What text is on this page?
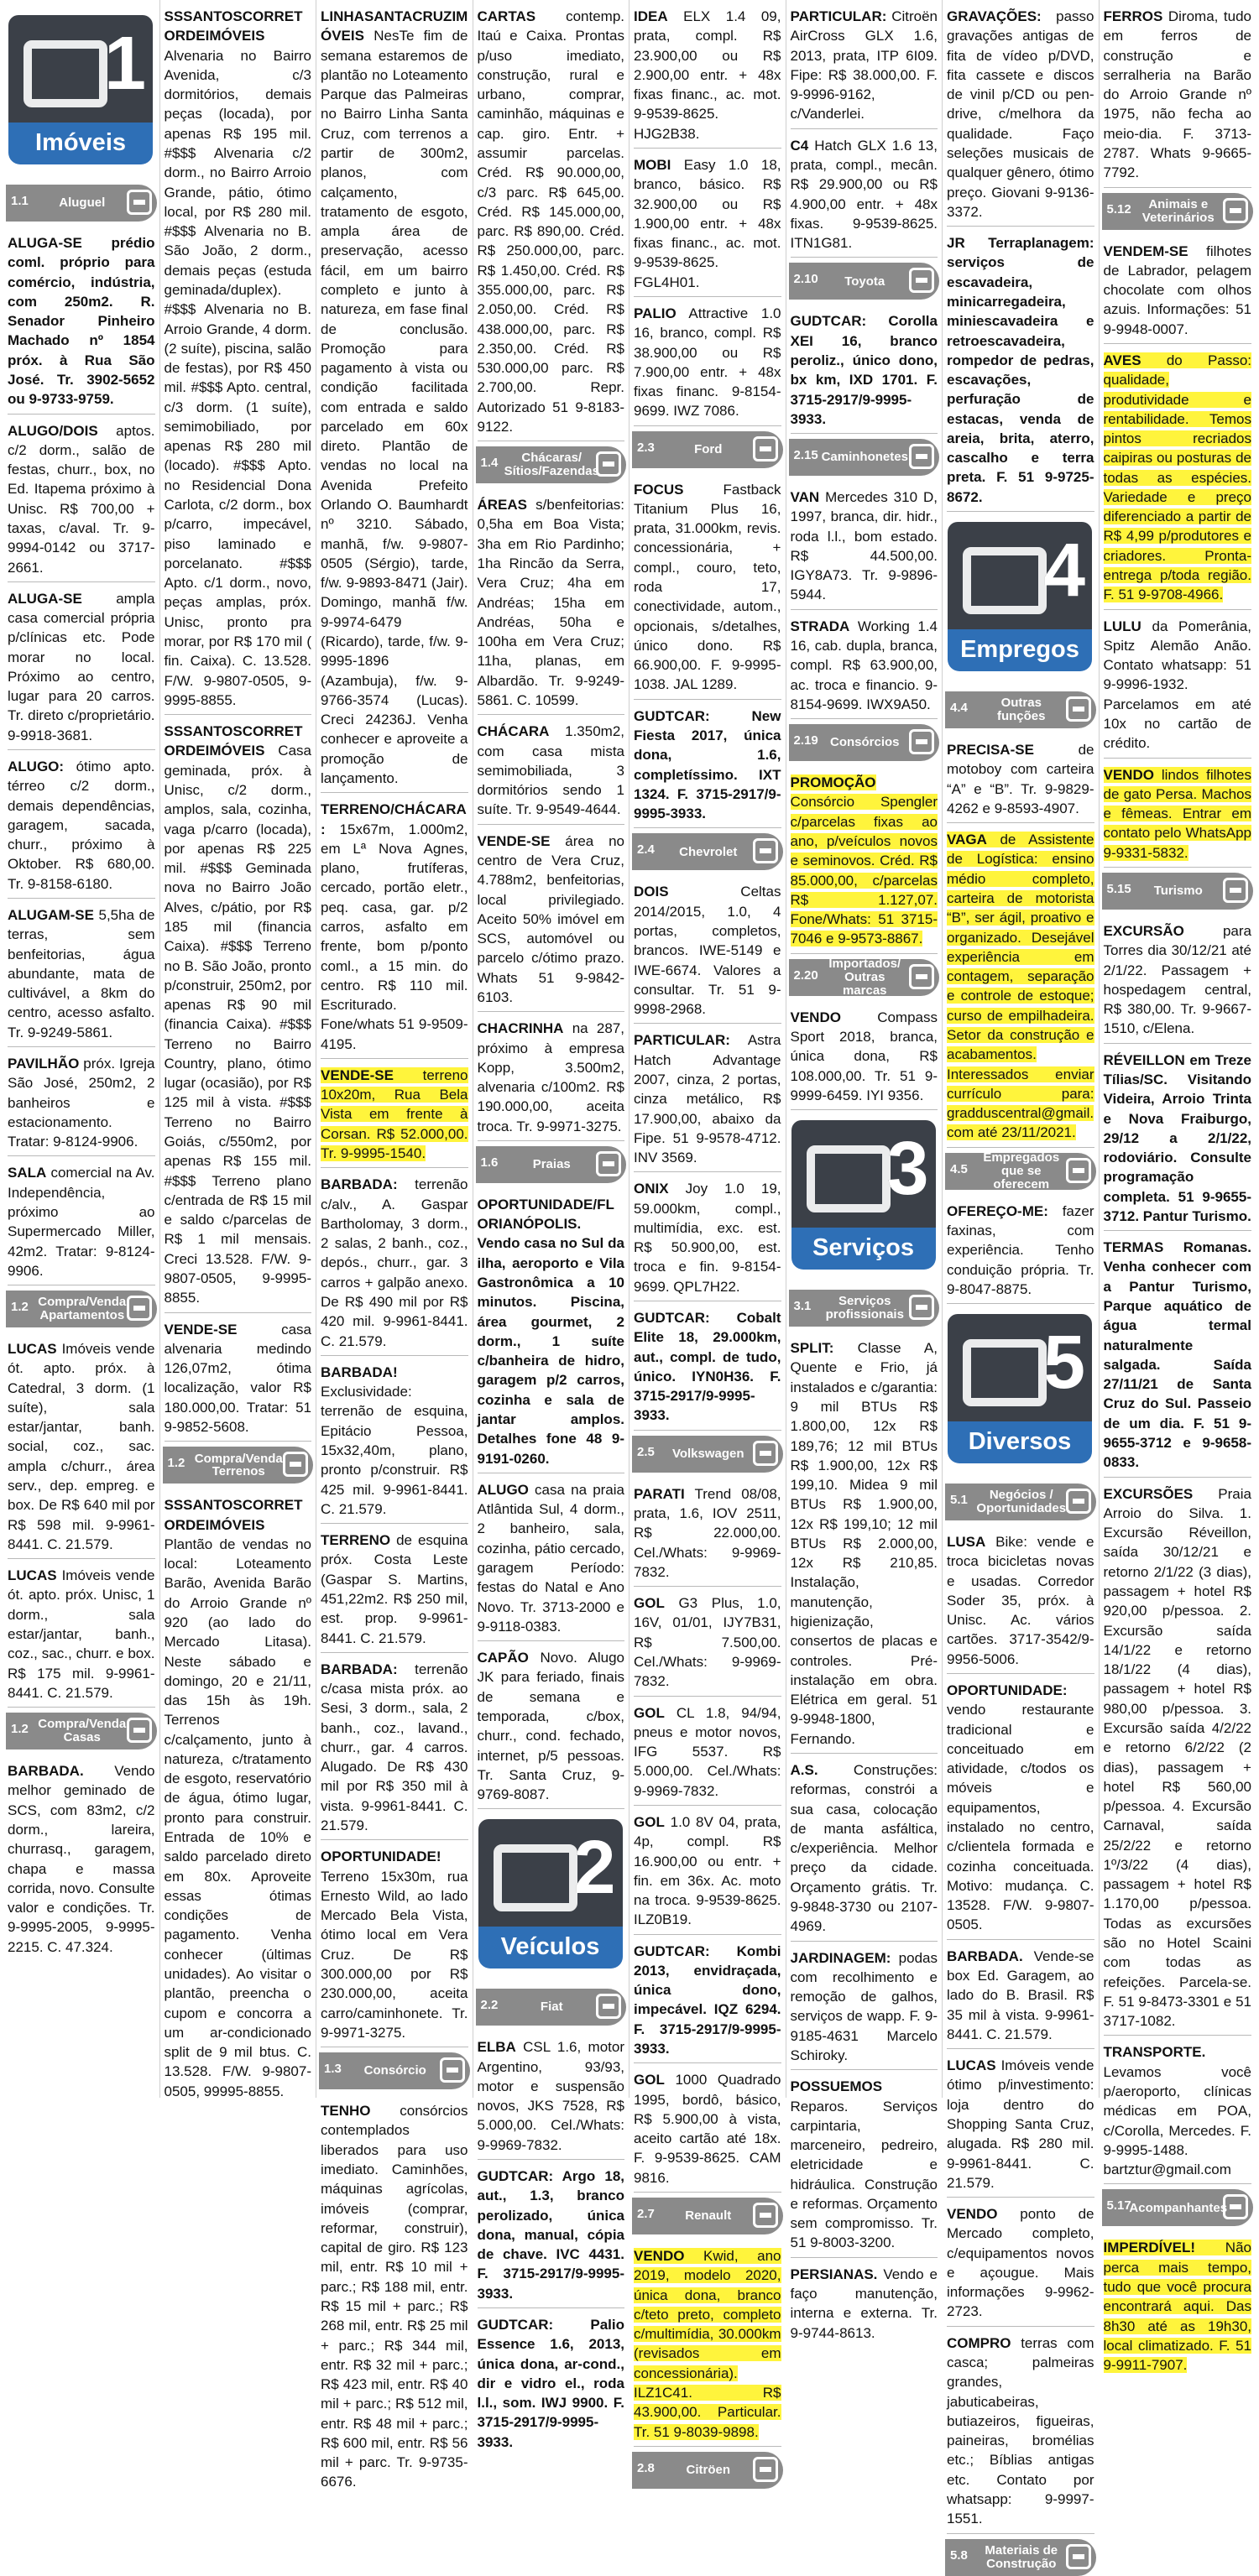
1
Imóveis
1.1	Aluguel
ALUGA-SE prédio coml. próprio para comércio, indústria, com 250m2. R. Senador Pinheiro Machado nº 1854 próx. à Rua São José. Tr. 3902-5652 ou 9-9733-9759.
ALUGO/DOIS aptos. c/2 dorm., salão de festas, churr., box, no Ed. Itapema próximo à Unisc. R$ 700,00 + taxas, c/aval. Tr. 9-9994-0142 ou 3717-2661.
ALUGA-SE ampla casa comercial própria p/clínicas etc. Pode morar no local. Próximo ao centro, lugar para 20 carros. Tr. direto c/proprietário. 9-9918-3681.
ALUGO: ótimo apto. térreo c/2 dorm., demais dependências, garagem, sacada, churr., próximo à Oktober. R$ 680,00. Tr. 9-8158-6180.
ALUGAM-SE 5,5ha de terras, sem benfeitorias, água abundante, mata de cultivável, a 8km do centro, acesso asfalto. Tr. 9-9249-5861.
PAVILHÃO próx. Igreja São José, 250m2, 2 banheiros e estacionamento. Tratar: 9-8124-9906.
SALA comercial na Av. Independência, próximo ao Supermercado Miller, 42m2. Tratar: 9-8124-9906.
1.2 Compra/Venda Apartamentos
LUCAS Imóveis vende ót. apto. próx. à Catedral, 3 dorm. (1 suíte), sala estar/jantar, banh. social, coz., sac. ampla c/churr., área serv., dep. empreg. e box. De R$ 640 mil por R$ 598 mil. 9-9961-8441. C. 21.579.
LUCAS Imóveis vende ót. apto. próx. Unisc, 1 dorm., sala estar/jantar, banh., coz., sac., churr. e box. R$ 175 mil. 9-9961-8441. C. 21.579.
1.2 Compra/Venda Casas
BARBADA. Vendo melhor geminado de SCS, com 83m2, c/2 dorm., lareira, churrasq., garagem, chapa e massa corrida, novo. Consulte valor e condições. Tr. 9-9995-2005, 9-9995-2215. C. 47.324.
SSSANTOSCORRETORDEIMÓVEIS Alvenaria no Bairro Avenida, c/3 dormitórios, demais peças (locada), por apenas R$ 195 mil. #$$$ Alvenaria c/2 dorm., no Bairro Arroio Grande, pátio, ótimo local, por R$ 280 mil. #$$$ Alvenaria no B. São João, 2 dorm., demais peças (estuda geminada/duplex). #$$$ Alvenaria no B. Arroio Grande, 4 dorm. (2 suíte), piscina, salão de festas), por R$ 450 mil. #$$$ Apto. central, c/3 dorm. (1 suíte), semimobiliado, por apenas R$ 280 mil (locado). #$$$ Apto. no Residencial Dona Carlota, c/2 dorm., box p/carro, impecável, piso laminado e porcelanato. #$$$ Apto. c/1 dorm., novo, peças amplas, próx. Unisc, pronto pra morar, por R$ 170 mil ( fin. Caixa). C. 13.528. F/W. 9-9807-0505, 9-9995-8855.
SSSANTOSCORRETORDEIMÓVEIS Casa geminada, próx. à Unisc, c/2 dorm., amplos, sala, cozinha, vaga p/carro (locada), por apenas R$ 225 mil. #$$$ Geminada nova no Bairro João Alves, c/pátio, por R$ 185 mil (financia Caixa). #$$$ Terreno no B. São João, pronto p/construir, 250m2, por apenas R$ 90 mil (financia Caixa). #$$$ Terreno no Bairro Country, plano, ótimo lugar (ocasião), por R$ 125 mil à vista. #$$$ Terreno no Bairro Goiás, c/550m2, por apenas R$ 155 mil. #$$$ Terreno plano c/entrada de R$ 15 mil e saldo c/parcelas de R$ 1 mil mensais. Creci 13.528. F/W. 9-9807-0505, 9-9995-8855.
VENDE-SE casa alvenaria medindo 126,07m2, ótima localização, valor R$ 180.000,00. Tratar: 51 9-9852-5608.
1.2 Compra/Venda Terrenos
SSSANTOSCORRETORDEIMÓVEIS Plantão de vendas no local: Loteamento Barão, Avenida Barão do Arroio Grande nº 920 (ao lado do Mercado Litasa). Neste sábado e domingo, 20 e 21/11, das 15h às 19h. Terrenos c/calçamento, junto à natureza, c/tratamento de esgoto, reservatório de água, ótimo lugar, pronto para construir. Entrada de 10% e saldo parcelado direto em 80x. Aproveite essas ótimas condições de pagamento. Venha conhecer (últimas unidades). Ao visitar o plantão, preencha o cupom e concorra a um ar-condicionado split de 9 mil btus. C. 13.528. F/W. 9-9807-0505, 99995-8855.
LINHASANTACRUZIMÓVEIS NesTe fim de semana estaremos de plantão no Loteamento Parque das Palmeiras no Bairro Linha Santa Cruz, com terrenos a partir de 300m2, planos, com calçamento, tratamento de esgoto, ampla área de preservação, acesso fácil, em um bairro completo e junto à natureza, em fase final de conclusão. Promoção para pagamento à vista ou condição facilitada com entrada e saldo parcelado em 60x direto. Plantão de vendas no local na Avenida Prefeito Orlando O. Baumhardt nº 3210. Sábado, manhã, f/w. 9-9807-0505 (Sérgio), tarde, f/w. 9-9893-8471 (Jair). Domingo, manhã f/w. 9-9974-6479 (Ricardo), tarde, f/w. 9-9995-1896 (Azambuja), f/w. 9-9766-3574 (Lucas). Creci 24236J. Venha conhecer e aproveite a promoção de lançamento.
TERRENO/CHÁCARA: 15x67m, 1.000m2, em Lª Nova Agnes, plano, frutíferas, cercado, portão eletr., peq. casa, gar. p/2 carros, asfalto em frente, bom p/ponto coml., a 15 min. do centro. R$ 110 mil. Escriturado. Fone/whats 51 9-9509-4195.
VENDE-SE terreno 10x20m, Rua Bela Vista em frente à Corsan. R$ 52.000,00. Tr. 9-9995-1540.
BARBADA: terrenão c/alv., A. Gaspar Bartholomay, 3 dorm., 2 salas, 2 banh., coz., depós., churr., gar. 3 carros + galpão anexo. De R$ 490 mil por R$ 420 mil. 9-9961-8441. C. 21.579.
BARBADA! Exclusividade: terrenão de esquina, Epitácio Pessoa, 15x32,40m, plano, pronto p/construir. R$ 425 mil. 9-9961-8441. C. 21.579.
TERRENO de esquina próx. Costa Leste (Gaspar S. Martins, 451,22m2. R$ 250 mil, est. prop. 9-9961-8441. C. 21.579.
BARBADA: terrenão c/casa mista próx. ao Sesi, 3 dorm., sala, 2 banh., coz., lavand., churr., gar. 4 carros. Alugado. De R$ 430 mil por R$ 350 mil à vista. 9-9961-8441. C. 21.579.
OPORTUNIDADE! Terreno 15x30m, rua Ernesto Wild, ao lado Mercado Bela Vista, ótimo local em Vera Cruz. De R$ 300.000,00 por R$ 230.000,00, aceita carro/caminhonete. Tr. 9-9971-3275.
1.3	Consórcio
TENHO consórcios contemplados liberados para uso imediato. Caminhões, máquinas agrícolas, imóveis (comprar, reformar, construir), capital de giro. R$ 123 mil, entr. R$ 10 mil + parc.; R$ 188 mil, entr. R$ 15 mil + parc.; R$ 268 mil, entr. R$ 25 mil + parc.; R$ 344 mil, entr. R$ 32 mil + parc.; R$ 423 mil, entr. R$ 40 mil + parc.; R$ 512 mil, entr. R$ 48 mil + parc.; R$ 600 mil, entr. R$ 56 mil + parc. Tr. 9-9735-6676.
CARTAS contemp. Itaú e Caixa. Prontas p/uso imediato, construção, rural e urbano, comprar, caminhão, máquinas e cap. giro. Entr. + assumir parcelas. Créd. R$ 90.000,00, c/3 parc. R$ 645,00. Créd. R$ 145.000,00, parc. R$ 890,00. Créd. R$ 250.000,00, parc. R$ 1.450,00. Créd. R$ 355.000,00, parc. R$ 2.050,00. Créd. R$ 438.000,00, parc. R$ 2.350,00. Créd. R$ 530.000,00 parc. R$ 2.700,00. Repr. Autorizado 51 9-8183-9122.
1.4	Chácaras/ Sítios/Fazendas
ÁREAS s/benfeitorias: 0,5ha em Boa Vista; 3ha em Rio Pardinho; 1ha Rincão da Serra, Vera Cruz; 4ha em Andréas; 15ha em Andréas, 50ha e 100ha em Vera Cruz; 11ha, planas, em Albardão. Tr. 9-9249-5861. C. 10599.
CHÁCARA 1.350m2, com casa mista semimobiliada, 3 dormitórios sendo 1 suíte. Tr. 9-9549-4644.
VENDE-SE área no centro de Vera Cruz, 4.788m2, benfeitorias, local privilegiado. Aceito 50% imóvel em SCS, automóvel ou parcelo c/ótimo prazo. Whats 51 9-9842-6103.
CHACRINHA na 287, próximo à empresa Kopp, 3.500m2, alvenaria c/100m2. R$ 190.000,00, aceita troca. Tr. 9-9971-3275.
1.6	Praias
OPORTUNIDADE/FLORIANÓPOLIS. Vendo casa no Sul da ilha, aeroporto e Vila Gastronômica a 10 minutos. Piscina, área gourmet, 2 dorm., 1 suíte c/banheira de hidro, garagem p/2 carros, cozinha e sala de jantar amplos. Detalhes fone 48 9-9191-0260.
ALUGO casa na praia Atlântida Sul, 4 dorm., 2 banheiro, sala, cozinha, pátio cercado, garagem Período: festas do Natal e Ano Novo. Tr. 3713-2000 e 9-9118-0383.
CAPÃO Novo. Alugo JK para feriado, finais de semana e temporada, c/box, churr., cond. fechado, internet, p/5 pessoas. Tr. Santa Cruz, 9-9769-8087.
2
Veículos
2.2	Fiat
ELBA CSL 1.6, motor Argentino, 93/93, motor e suspensão novos, JKS 7528, R$ 5.000,00. Cel./Whats: 9-9969-7832.
GUDTCAR: Argo 18, aut., 1.3, branco perolizado, única dona, manual, cópia de chave. IVC 4431. F. 3715-2917/9-9995-3933.
GUDTCAR: Palio Essence 1.6, 2013, única dona, ar-cond., dir e vidro el., roda l.l., som. IWJ 9900. F. 3715-2917/9-9995-3933.
IDEA ELX 1.4 09, prata, compl. R$ 23.900,00 ou R$ 2.900,00 entr. + 48x fixas financ., ac. mot. 9-9539-8625. HJG2B38.
MOBI Easy 1.0 18, branco, básico. R$ 32.900,00 ou R$ 1.900,00 entr. + 48x fixas financ., ac. mot. 9-9539-8625. FGL4H01.
PALIO Attractive 1.0 16, branco, compl. R$ 38.900,00 ou R$ 7.900,00 entr. + 48x fixas financ. 9-8154-9699. IWZ 7086.
2.3	Ford
FOCUS Fastback Titanium Plus 16, prata, 31.000km, revis. concessionária, + compl., couro, teto, roda 17, conectividade, autom., opcionais, s/detalhes, único dono. R$ 66.900,00. F. 9-9995-1038. JAL 1289.
GUDTCAR: New Fiesta 2017, única dona, 1.6, completíssimo. IXT 1324. F. 3715-2917/9-9995-3933.
2.4	Chevrolet
DOIS Celtas 2014/2015, 1.0, 4 portas, completos, brancos. IWE-5149 e IWE-6674. Valores a consultar. Tr. 51 9-9998-2968.
PARTICULAR: Astra Hatch Advantage 2007, cinza, 2 portas, cinza metálico, R$ 17.900,00, abaixo da Fipe. 51 9-9578-4712. INV 3569.
ONIX Joy 1.0 19, 59.000km, compl., multimídia, exc. est. R$ 50.900,00, est. troca e fin. 9-8154-9699. QPL7H22.
GUDTCAR: Cobalt Elite 18, 29.000km, aut., compl. de tudo, único. IYN0H36. F. 3715-2917/9-9995-3933.
2.5	Volkswagen
PARATI Trend 08/08, prata, 1.6, IOV 2511, R$ 22.000,00. Cel./Whats: 9-9969-7832.
GOL G3 Plus, 1.0, 16V, 01/01, IJY7B31, R$ 7.500,00. Cel./Whats: 9-9969-7832.
GOL CL 1.8, 94/94, pneus e motor novos, IFG 5537. R$ 5.000,00. Cel./Whats: 9-9969-7832.
GOL 1.0 8V 04, prata, 4p, compl. R$ 16.900,00 ou entr. + fin. em 36x. Ac. moto na troca. 9-9539-8625. ILZ0B19.
GUDTCAR: Kombi 2013, envidraçada, única dono, impecável. IQZ 6294. F. 3715-2917/9-9995-3933.
GOL 1000 Quadrado 1995, bordô, básico, R$ 5.900,00 à vista, aceito cartão até 18x. F. 9-9539-8625. CAM 9816.
2.7	Renault
VENDO Kwid, ano 2019, modelo 2020, única dona, branco c/teto preto, completo c/multimídia, 30.000km (revisados em concessionária). ILZ1C41. R$ 43.900,00. Particular. Tr. 51 9-8039-9898.
2.8	Citröen
PARTICULAR: Citroën AirCross GLX 1.6, 2013, prata, ITP 6I09. Fipe: R$ 38.000,00. F. 9-9996-9162, c/Vanderlei.
C4 Hatch GLX 1.6 13, prata, compl., mecân. R$ 29.900,00 ou R$ 4.900,00 entr. + 48x fixas. 9-9539-8625. ITN1G81.
2.10	Toyota
GUDTCAR: Corolla XEI 16, branco peroliz., único dono, bx km, IXD 1701. F. 3715-2917/9-9995-3933.
2.15 Caminhonetes
VAN Mercedes 310 D, 1997, branca, dir. hidr., roda l.l., bom estado. R$ 44.500,00. IGY8A73. Tr. 9-9896-5944.
STRADA Working 1.4 16, cab. dupla, branca, compl. R$ 63.900,00, ac. troca e financio. 9-8154-9699. IWX9A50.
2.19 Consórcios
PROMOÇÃO Consórcio Spengler c/parcelas fixas ao ano, p/veículos novos e seminovos. Créd. R$ 85.000,00, c/parcelas R$ 1.127,07. Fone/Whats: 51 3715-7046 e 9-9573-8867.
2.20
Importados/ Outras marcas
VENDO Compass Sport 2018, branca, única dona, R$ 108.000,00. Tr. 51 9-9999-6459. IYI 9356.
3
Serviços
3.1	Serviços profissionais
SPLIT: Classe A, Quente e Frio, já instalados e c/garantia: 9 mil BTUs R$ 1.800,00, 12x R$ 189,76; 12 mil BTUs R$ 1.900,00, 12x R$ 199,10. Midea 9 mil BTUs R$ 1.900,00, 12x R$ 199,10; 12 mil BTUs R$ 2.000,00, 12x R$ 210,85. Instalação, manutenção, higienização, consertos de placas e controles. Pré-instalação em obra. Elétrica em geral. 51 9-9948-1800, Fernando.
A.S. Construções: reformas, constrói a sua casa, colocação de manta asfáltica, c/experiência. Melhor preço da cidade. Orçamento grátis. Tr. 9-9848-3730 ou 2107-4969.
JARDINAGEM: podas com recolhimento e remoção de galhos, serviços de wapp. F. 9-9185-4631 Marcelo Schiroky.
POSSUEMOS Reparos. Serviços carpintaria, marceneiro, pedreiro, eletricidade e hidráulica. Construção e reformas. Orçamento sem compromisso. Tr. 51 9-8003-3200.
PERSIANAS. Vendo e faço manutenção, interna e externa. Tr. 9-9744-8613.
GRAVAÇÕES: passo gravações antigas de fita de vídeo p/DVD, fita cassete e discos de vinil p/CD ou pen-drive, c/melhora da qualidade. Faço seleções musicais de qualquer gênero, ótimo preço. Giovani 9-9136-3372.
JR Terraplanagem: serviços de escavadeira, minicarregadeira, miniescavadeira e retroescavadeira, rompedor de pedras, escavações, perfuração de estacas, venda de areia, brita, aterro, cascalho e terra preta. F. 51 9-9725-8672.
4
Empregos
4.4	Outras funções
PRECISA-SE de motoboy com carteira “A” e “B”. Tr. 9-9829-4262 e 9-8593-4907.
VAGA de Assistente de Logística: ensino médio completo, carteira de motorista “B”, ser ágil, proativo e organizado. Desejável experiência em contagem, separação e controle de estoque; curso de empilhadeira. Setor da construção e acabamentos. Interessados enviar currículo para: gradduscentral@gmail.com até 23/11/2021.
4.5
Empregados que se oferecem
OFEREÇO-ME: fazer faxinas, com experiência. Tenho conduição própria. Tr. 9-8047-8875.
5
Diversos
5.1	Negócios / Oportunidades
LUSA Bike: vende e troca bicicletas novas e usadas. Corredor Soder 35, próx. à Unisc. Ac. vários cartões. 3717-3542/9-9956-5006.
OPORTUNIDADE: vendo restaurante tradicional e conceituado em atividade, c/todos os móveis e equipamentos, instalado no centro, c/clientela formada e cozinha conceituada. Motivo: mudança. C. 13528. F/W. 9-9807-0505.
BARBADA. Vende-se box Ed. Garagem, ao lado do B. Brasil. R$ 35 mil à vista. 9-9961-8441. C. 21.579.
LUCAS Imóveis vende ótimo p/investimento: loja dentro do Shopping Santa Cruz, alugada. R$ 280 mil. 9-9961-8441. C. 21.579.
VENDO ponto de Mercado completo, c/equipamentos novos e açougue. Mais informações 9-9962-2723.
COMPRO terras com casca; palmeiras grandes, jabuticabeiras, butiazeiros, figueiras, paineiras, bromélias etc.; Bíblias antigas etc. Contato por whatsapp: 9-9997-1551.
5.8	Materiais de Construção
FERROS Diroma, tudo em ferros de construção e serralheria na Barão do Arroio Grande nº 1975, não fecha ao meio-dia. F. 3713-2787. Whats 9-9665-7792.
5.12	Animais e Veterinários
VENDEM-SE filhotes de Labrador, pelagem chocolate com olhos azuis. Informações: 51 9-9948-0007.
AVES do Passo: qualidade, produtividade e rentabilidade. Temos pintos recriados caipiras ou posturas de todas as espécies. Variedade e preço diferenciado a partir de R$ 4,99 p/produtores e criadores. Pronta-entrega p/toda região. F. 51 9-9708-4966.
LULU da Pomerânia, Spitz Alemão Anão. Contato whatsapp: 51 9-9996-1932. Parcelamos em até 10x no cartão de crédito.
VENDO lindos filhotes de gato Persa. Machos e fêmeas. Entrar em contato pelo WhatsApp 9-9331-5832.
5.15	Turismo
EXCURSÃO para Torres dia 30/12/21 até 2/1/22. Passagem + hospedagem central, R$ 380,00. Tr. 9-9667-1510, c/Elena.
RÉVEILLON em Treze Tílias/SC. Visitando Videira, Arroio Trinta e Nova Fraiburgo, 29/12 a 2/1/22, rodoviário. Consulte programação completa. 51 9-9655-3712. Pantur Turismo.
TERMAS Romanas. Venha conhecer com a Pantur Turismo, Parque aquático de água termal naturalmente salgada. Saída 27/11/21 de Santa Cruz do Sul. Passeio de um dia. F. 51 9-9655-3712 e 9-9658-0833.
EXCURSÕES Praia Arroio do Silva. 1. Excursão Réveillon, saída 30/12/21 e retorno 2/1/22 (3 dias), passagem + hotel R$ 920,00 p/pessoa. 2. Excursão saída 14/1/22 e retorno 18/1/22 (4 dias), passagem + hotel R$ 980,00 p/pessoa. 3. Excursão saída 4/2/22 e retorno 6/2/22 (2 dias), passagem + hotel R$ 560,00 p/pessoa. 4. Excursão Carnaval, saída 25/2/22 e retorno 1º/3/22 (4 dias), passagem + hotel R$ 1.170,00 p/pessoa. Todas as excursões são no Hotel Scaini com todas as refeições. Parcela-se. F. 51 9-8473-3301 e 51 3717-1082.
TRANSPORTE. Levamos você p/aeroporto, clínicas médicas em POA, c/Corolla, Mercedes. F. 9-9995-1488. bartztur@gmail.com
5.17
Acompanhantes
IMPERDÍVEL! Não perca mais tempo, tudo que você procura encontrará aqui. Das 8h30 até as 19h30, local climatizado. F. 51 9-9911-7907.
